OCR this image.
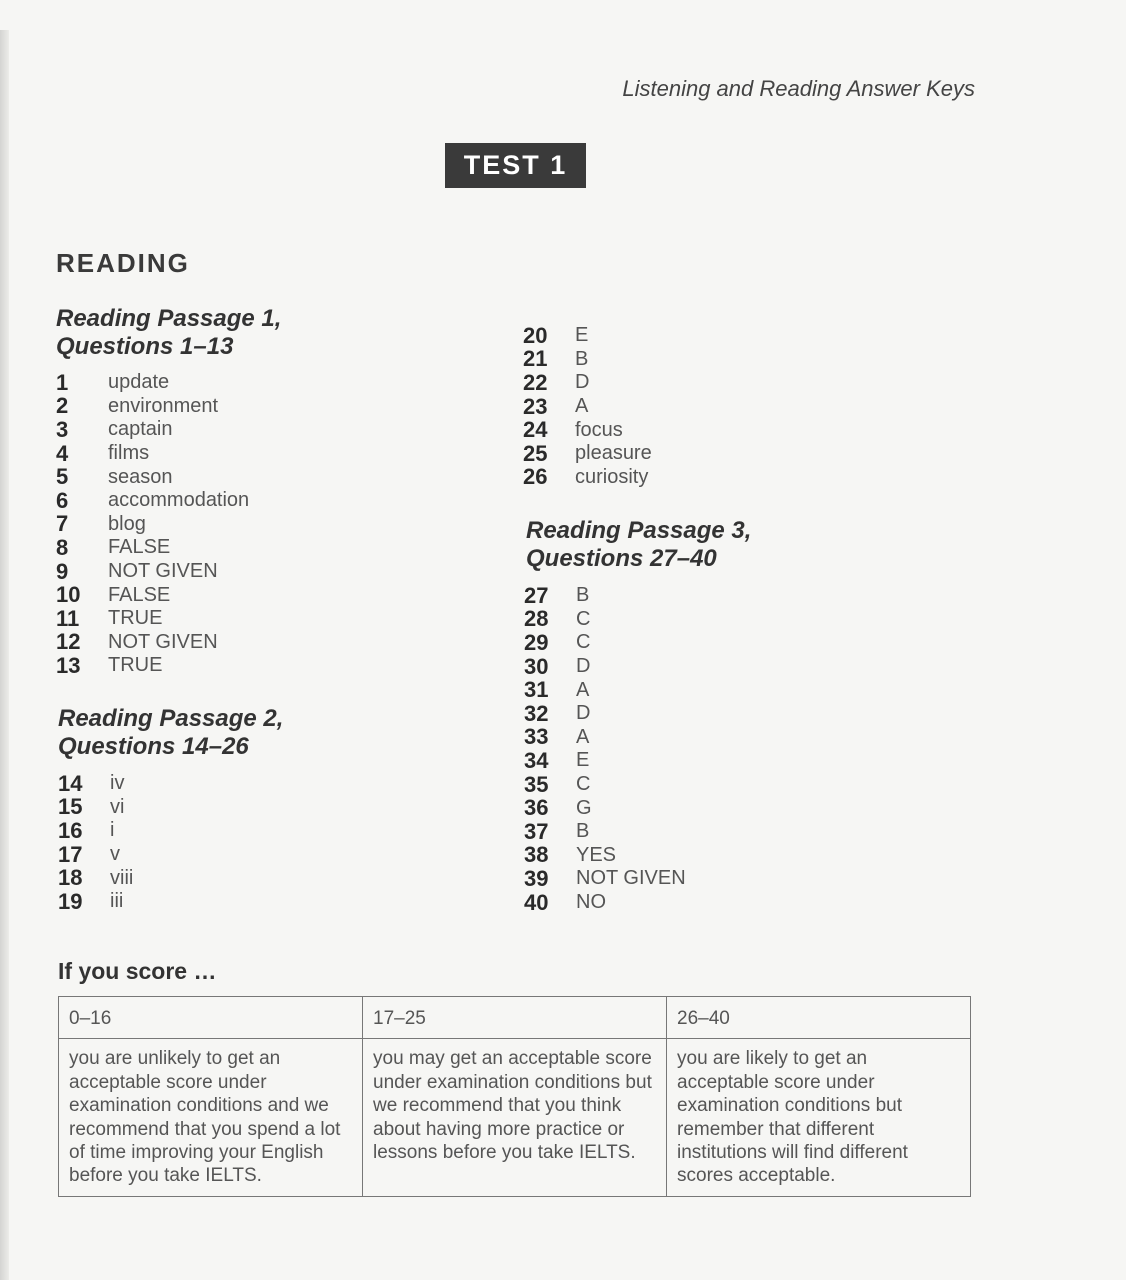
Listening and Reading Answer Keys
TEST 1
READING
Reading Passage 1,
Questions 1–13
1	update
2	environment
3	captain
4	films
5	season
6	accommodation
7	blog
8	FALSE
9	NOT GIVEN
10	FALSE
11	TRUE
12	NOT GIVEN
13	TRUE
Reading Passage 2,
Questions 14–26
14	iv
15	vi
16	i
17	v
18	viii
19	iii
20	E
21	B
22	D
23	A
24	focus
25	pleasure
26	curiosity
Reading Passage 3,
Questions 27–40
27	B
28	C
29	C
30	D
31	A
32	D
33	A
34	E
35	C
36	G
37	B
38	YES
39	NOT GIVEN
40	NO
If you score …
0–16	17–25	26–40
you are unlikely to get an acceptable score under examination conditions and we recommend that you spend a lot of time improving your English before you take IELTS.	you may get an acceptable score under examination conditions but we recommend that you think about having more practice or lessons before you take IELTS.	you are likely to get an acceptable score under examination conditions but remember that different institutions will find different scores acceptable.
